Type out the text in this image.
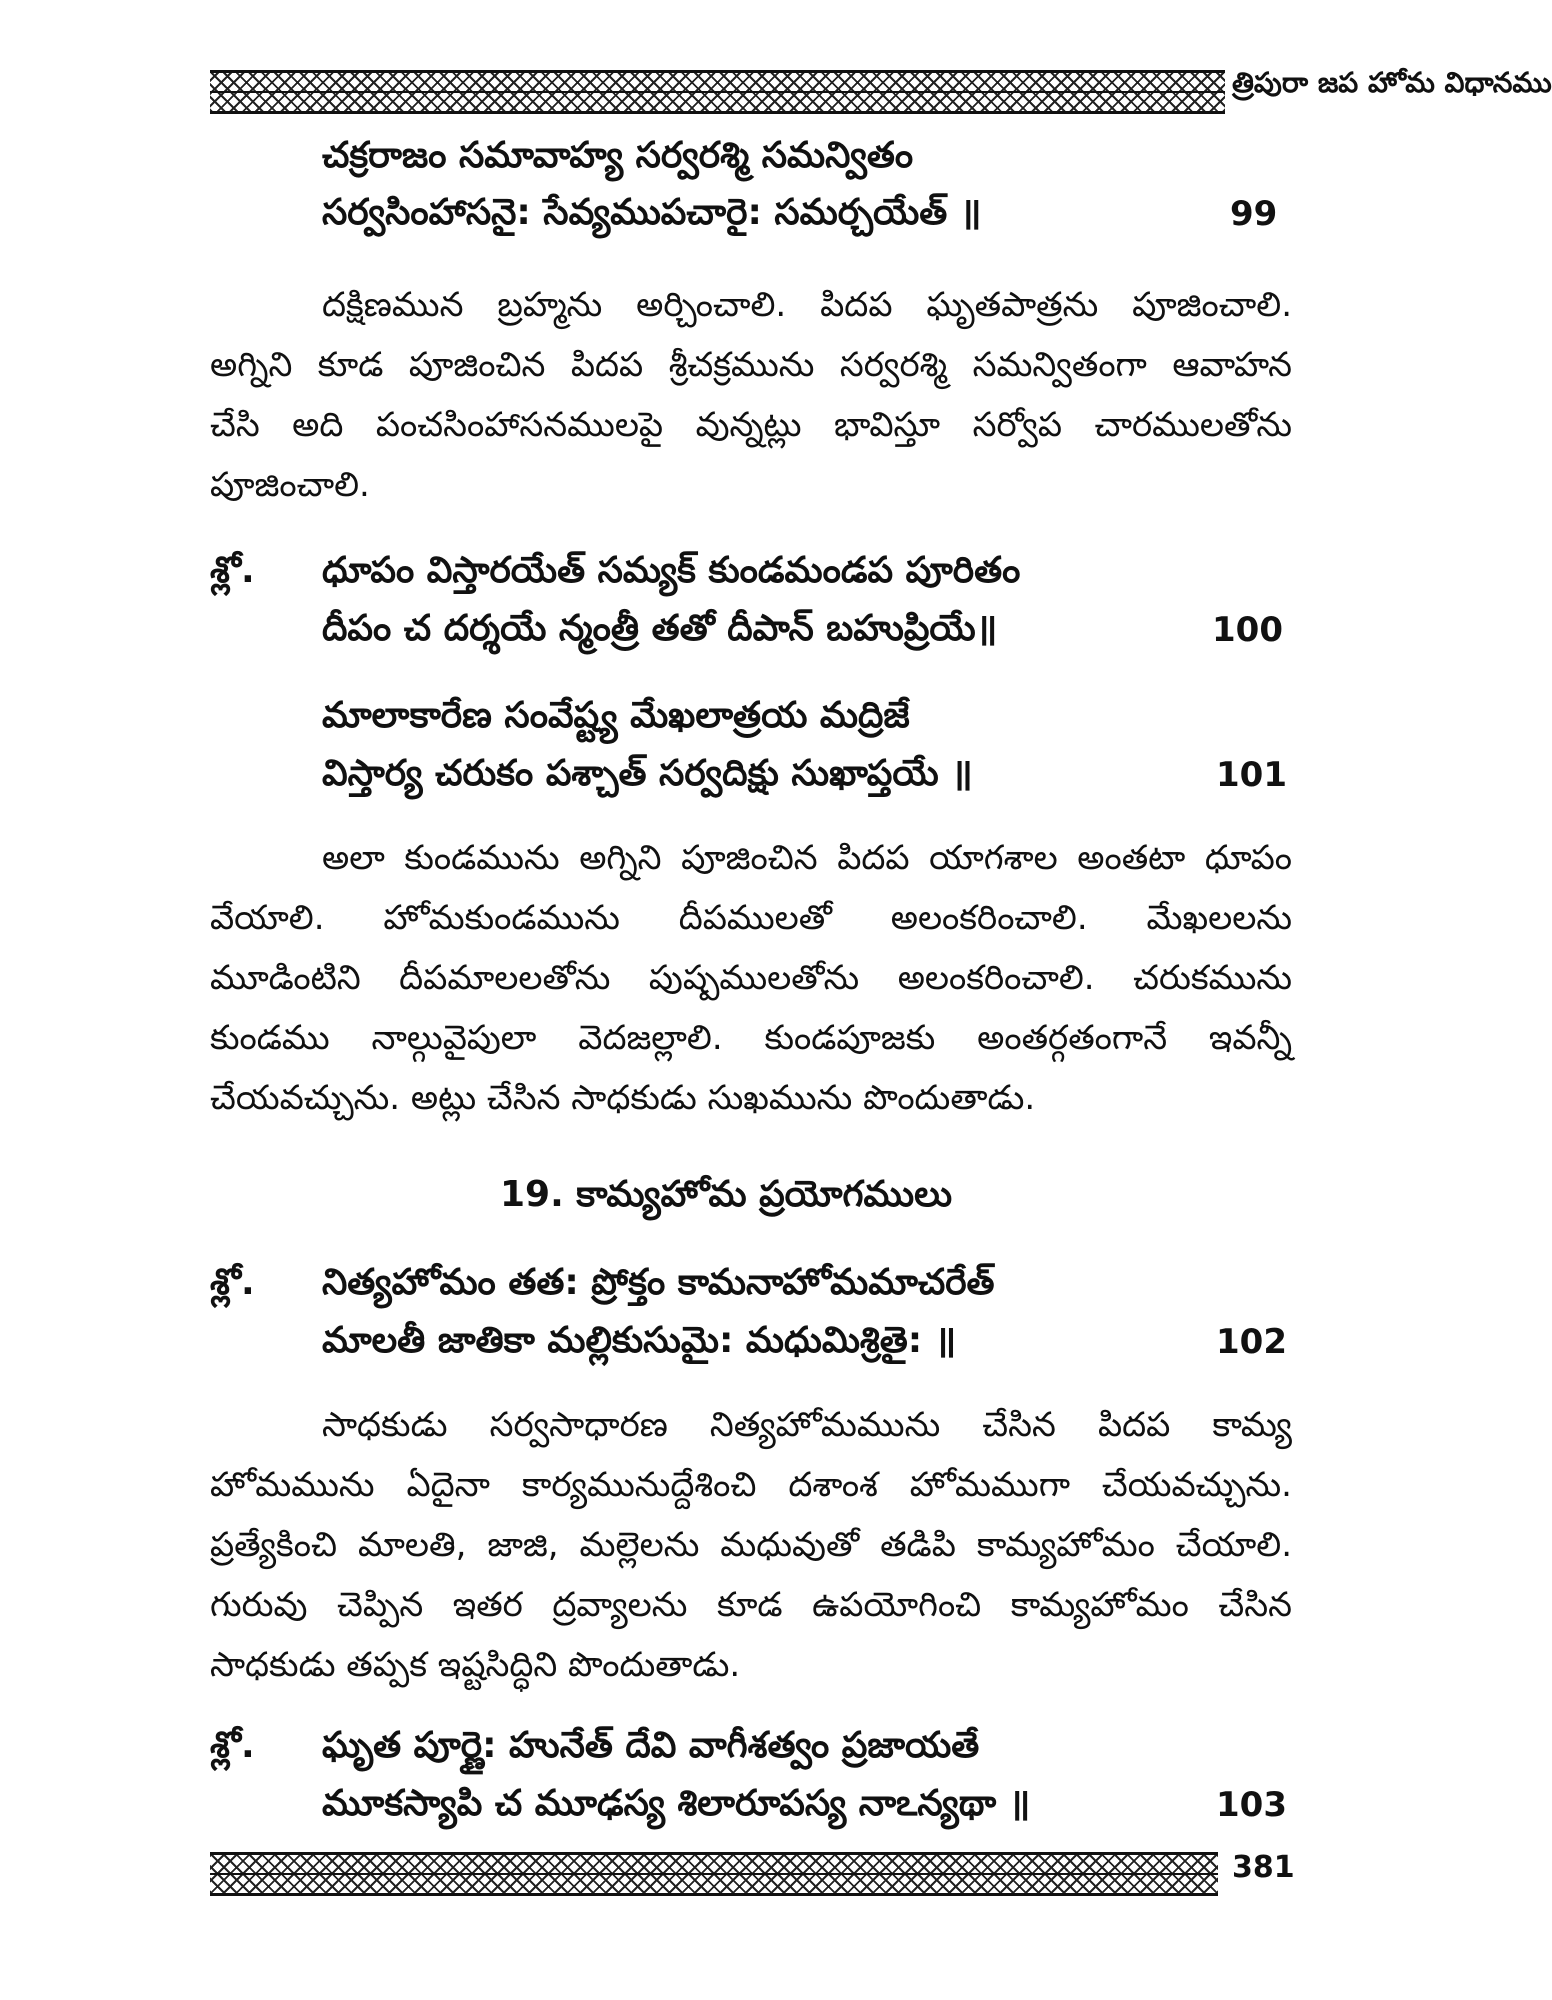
త్రిపురా జప హోమ విధానము
చక్రరాజం సమావాహ్య సర్వరశ్మి సమన్వితం
సర్వసింహాసనై: సేవ్యముపచారై: సమర్చయేత్ ॥	99
దక్షిణమున బ్రహ్మను అర్చించాలి. పిదప ఘృతపాత్రను పూజించాలి.
అగ్నిని కూడ పూజించిన పిదప శ్రీచక్రమును సర్వరశ్మి సమన్వితంగా ఆవాహన
చేసి అది పంచసింహాసనములపై వున్నట్లు భావిస్తూ సర్వోప చారములతోను
పూజించాలి.
శ్లో. ధూపం విస్తారయేత్ సమ్యక్ కుండమండప పూరితం
దీపం చ దర్శయే న్మంత్రీ తతో దీపాన్ బహుప్రియే॥	100
మాలాకారేణ సంవేష్ట్య మేఖలాత్రయ మద్రిజే
విస్తార్య చరుకం పశ్చాత్ సర్వదిక్షు సుఖాప్తయే ॥	101
అలా కుండమును అగ్నిని పూజించిన పిదప యాగశాల అంతటా ధూపం
వేయాలి. హోమకుండమును దీపములతో అలంకరించాలి. మేఖలలను
మూడింటిని దీపమాలలతోను పుష్పములతోను అలంకరించాలి. చరుకమును
కుండము నాల్గువైపులా వెదజల్లాలి. కుండపూజకు అంతర్గతంగానే ఇవన్నీ
చేయవచ్చును. అట్లు చేసిన సాధకుడు సుఖమును పొందుతాడు.
19. కామ్యహోమ ప్రయోగములు
శ్లో. నిత్యహోమం తత: ప్రోక్తం కామనాహోమమాచరేత్
మాలతీ జాతికా మల్లికుసుమై: మధుమిశ్రితై: ॥	102
సాధకుడు సర్వసాధారణ నిత్యహోమమును చేసిన పిదప కామ్య
హోమమును ఏదైనా కార్యమునుద్దేశించి దశాంశ హోమముగా చేయవచ్చును.
ప్రత్యేకించి మాలతి, జాజి, మల్లెలను మధువుతో తడిపి కామ్యహోమం చేయాలి.
గురువు చెప్పిన ఇతర ద్రవ్యాలను కూడ ఉపయోగించి కామ్యహోమం చేసిన
సాధకుడు తప్పక ఇష్టసిద్ధిని పొందుతాడు.
శ్లో. ఘృత పూర్ణై: హునేత్ దేవి వాగీశత్వం ప్రజాయతే
మూకస్యాపి చ మూఢస్య శిలారూపస్య నాఽన్యథా ॥	103
381
